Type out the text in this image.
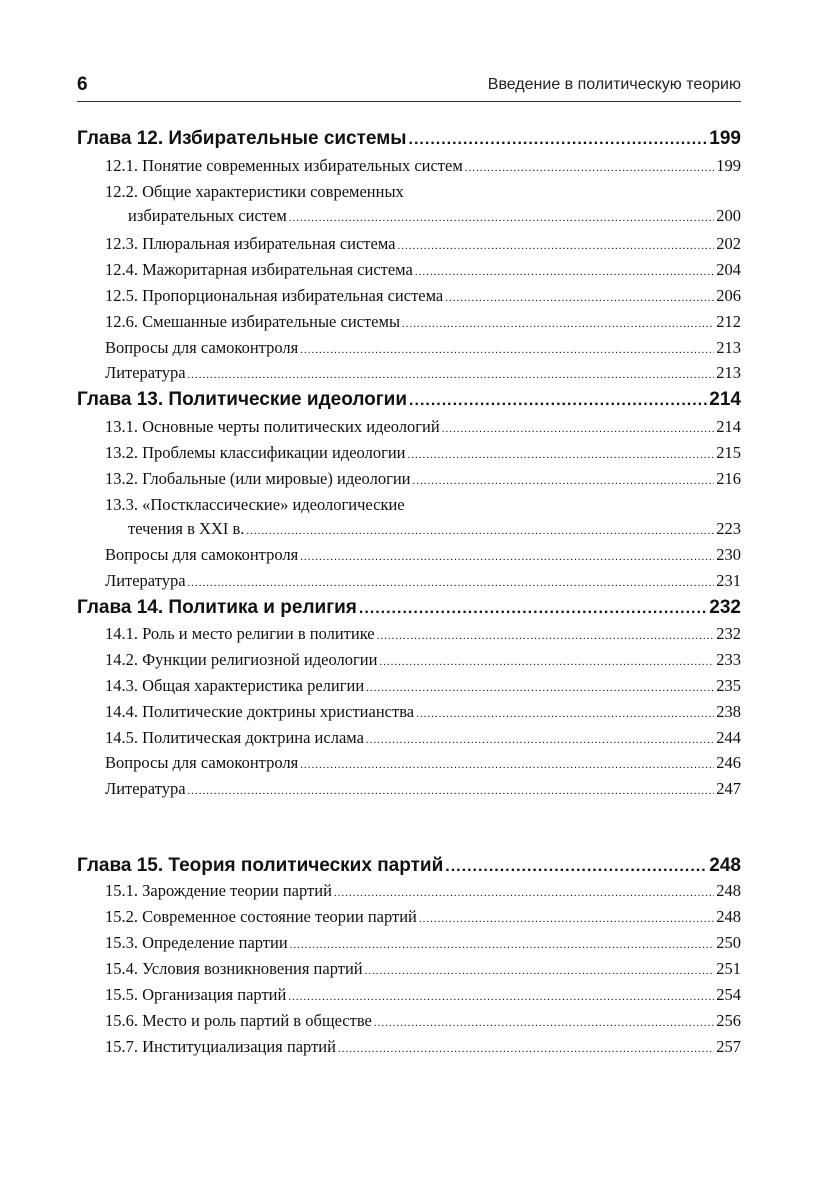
6	Введение в политическую теорию
Глава 12. Избирательные системы .....	199
12.1. Понятие современных избирательных систем .....	199
12.2. Общие характеристики современных
избирательных систем .....	200
12.3. Плюральная избирательная система .....	202
12.4. Мажоритарная избирательная система .....	204
12.5. Пропорциональная избирательная система .....	206
12.6. Смешанные избирательные системы .....	212
Вопросы для самоконтроля .....	213
Литература .....	213
Глава 13. Политические идеологии .....	214
13.1. Основные черты политических идеологий .....	214
13.2. Проблемы классификации идеологии .....	215
13.2. Глобальные (или мировые) идеологии .....	216
13.3. «Постклассические» идеологические
течения в XXI в. .....	223
Вопросы для самоконтроля .....	230
Литература .....	231
Глава 14. Политика и религия .....	232
14.1. Роль и место религии в политике .....	232
14.2. Функции религиозной идеологии .....	233
14.3. Общая характеристика религии .....	235
14.4. Политические доктрины христианства .....	238
14.5. Политическая доктрина ислама .....	244
Вопросы для самоконтроля .....	246
Литература .....	247
Глава 15. Теория политических партий .....	248
15.1. Зарождение теории партий .....	248
15.2. Современное состояние теории партий .....	248
15.3. Определение партии .....	250
15.4. Условия возникновения партий .....	251
15.5. Организация партий .....	254
15.6. Место и роль партий в обществе .....	256
15.7. Институциализация партий .....	257
